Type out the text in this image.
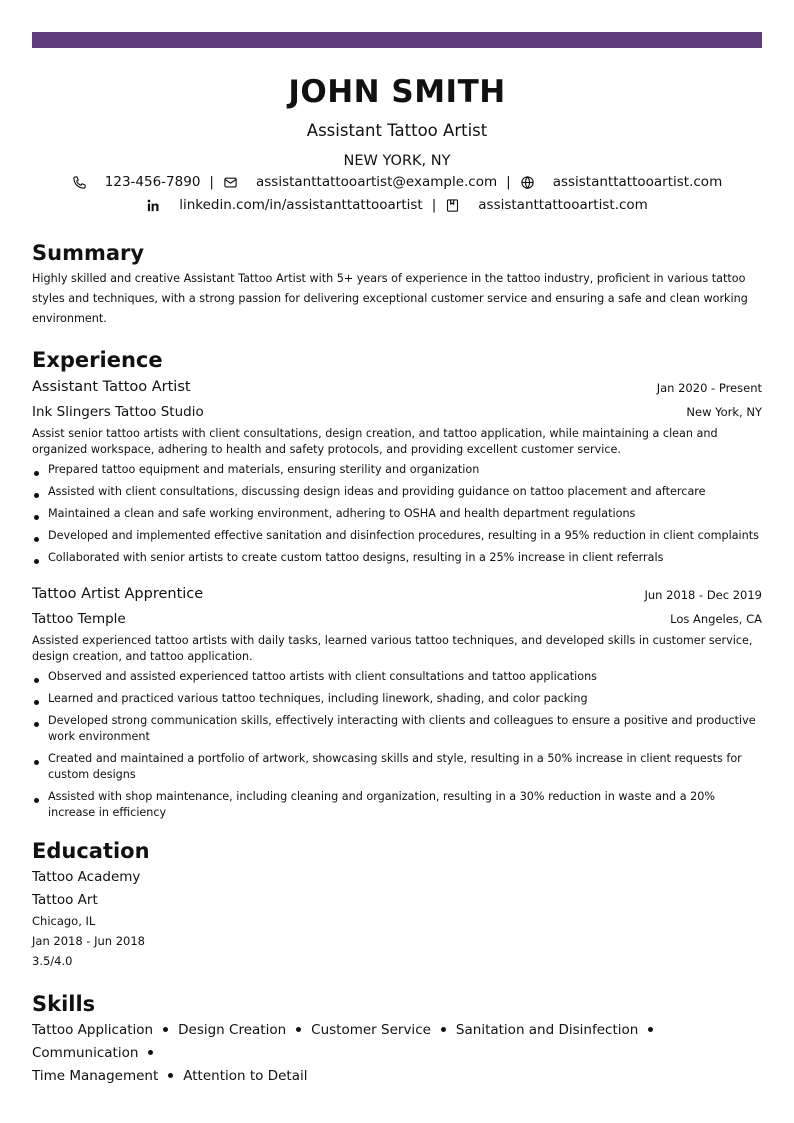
JOHN SMITH
Assistant Tattoo Artist
NEW YORK, NY
123-456-7890 |	assistanttattooartist@example.com |	assistanttattooartist.com
linkedin.com/in/assistanttattooartist |	assistanttattooartist.com
Summary
Highly skilled and creative Assistant Tattoo Artist with 5+ years of experience in the tattoo industry, proficient in various tattoo styles and techniques, with a strong passion for delivering exceptional customer service and ensuring a safe and clean working environment.
Experience
Assistant Tattoo Artist	Jan 2020 - Present
Ink Slingers Tattoo Studio	New York, NY
Assist senior tattoo artists with client consultations, design creation, and tattoo application, while maintaining a clean and organized workspace, adhering to health and safety protocols, and providing excellent customer service.
Prepared tattoo equipment and materials, ensuring sterility and organization
Assisted with client consultations, discussing design ideas and providing guidance on tattoo placement and aftercare
Maintained a clean and safe working environment, adhering to OSHA and health department regulations
Developed and implemented effective sanitation and disinfection procedures, resulting in a 95% reduction in client complaints
Collaborated with senior artists to create custom tattoo designs, resulting in a 25% increase in client referrals
Tattoo Artist Apprentice	Jun 2018 - Dec 2019
Tattoo Temple	Los Angeles, CA
Assisted experienced tattoo artists with daily tasks, learned various tattoo techniques, and developed skills in customer service, design creation, and tattoo application.
Observed and assisted experienced tattoo artists with client consultations and tattoo applications
Learned and practiced various tattoo techniques, including linework, shading, and color packing
Developed strong communication skills, effectively interacting with clients and colleagues to ensure a positive and productive work environment
Created and maintained a portfolio of artwork, showcasing skills and style, resulting in a 50% increase in client requests for custom designs
Assisted with shop maintenance, including cleaning and organization, resulting in a 30% reduction in waste and a 20% increase in efficiency
Education
Tattoo Academy
Tattoo Art
Chicago, IL
Jan 2018 - Jun 2018
3.5/4.0
Skills
Tattoo Application Design Creation Customer Service Sanitation and DisinfectionCommunication
Time Management Attention to Detail
